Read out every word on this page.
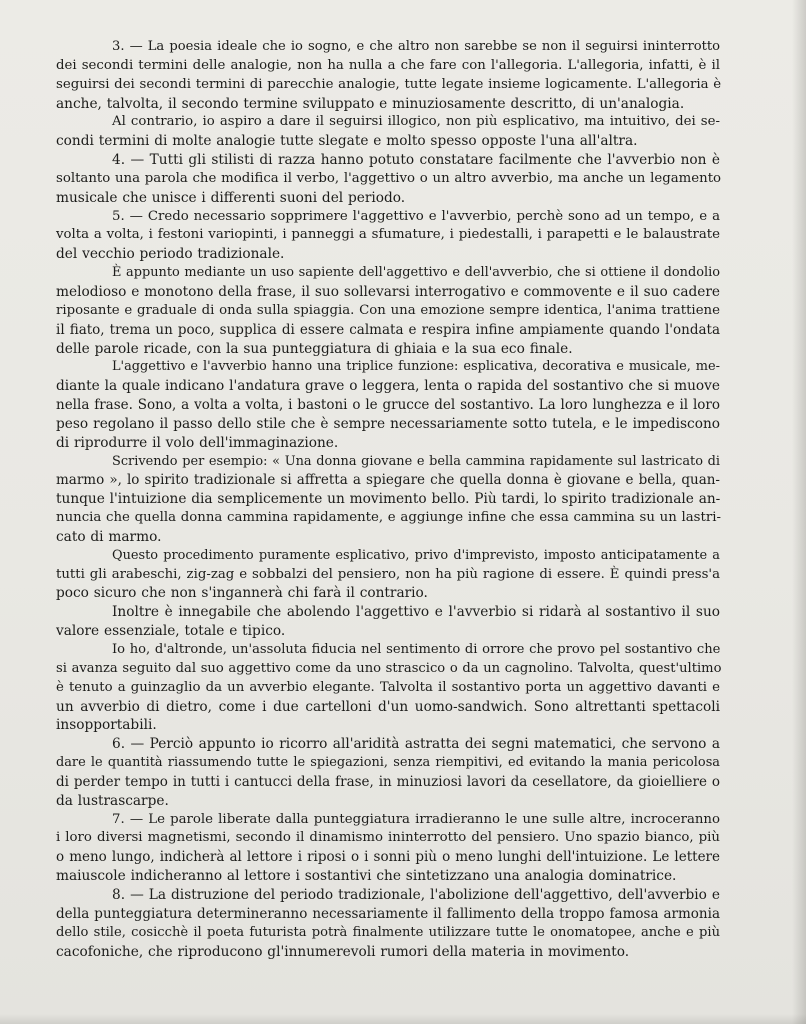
3. — La poesia ideale che io sogno, e che altro non sarebbe se non il seguirsi ininterrotto
dei secondi termini delle analogie, non ha nulla a che fare con l'allegoria. L'allegoria, infatti, è il
seguirsi dei secondi termini di parecchie analogie, tutte legate insieme logicamente. L'allegoria è
anche, talvolta, il secondo termine sviluppato e minuziosamente descritto, di un'analogia.
Al contrario, io aspiro a dare il seguirsi illogico, non più esplicativo, ma intuitivo, dei se-
condi termini di molte analogie tutte slegate e molto spesso opposte l'una all'altra.
4. — Tutti gli stilisti di razza hanno potuto constatare facilmente che l'avverbio non è
soltanto una parola che modifica il verbo, l'aggettivo o un altro avverbio, ma anche un legamento
musicale che unisce i differenti suoni del periodo.
5. — Credo necessario sopprimere l'aggettivo e l'avverbio, perchè sono ad un tempo, e a
volta a volta, i festoni variopinti, i panneggi a sfumature, i piedestalli, i parapetti e le balaustrate
del vecchio periodo tradizionale.
È appunto mediante un uso sapiente dell'aggettivo e dell'avverbio, che si ottiene il dondolio
melodioso e monotono della frase, il suo sollevarsi interrogativo e commovente e il suo cadere
riposante e graduale di onda sulla spiaggia. Con una emozione sempre identica, l'anima trattiene
il fiato, trema un poco, supplica di essere calmata e respira infine ampiamente quando l'ondata
delle parole ricade, con la sua punteggiatura di ghiaia e la sua eco finale.
L'aggettivo e l'avverbio hanno una triplice funzione: esplicativa, decorativa e musicale, me-
diante la quale indicano l'andatura grave o leggera, lenta o rapida del sostantivo che si muove
nella frase. Sono, a volta a volta, i bastoni o le grucce del sostantivo. La loro lunghezza e il loro
peso regolano il passo dello stile che è sempre necessariamente sotto tutela, e le impediscono
di riprodurre il volo dell'immaginazione.
Scrivendo per esempio: « Una donna giovane e bella cammina rapidamente sul lastricato di
marmo », lo spirito tradizionale si affretta a spiegare che quella donna è giovane e bella, quan-
tunque l'intuizione dia semplicemente un movimento bello. Più tardi, lo spirito tradizionale an-
nuncia che quella donna cammina rapidamente, e aggiunge infine che essa cammina su un lastri-
cato di marmo.
Questo procedimento puramente esplicativo, privo d'imprevisto, imposto anticipatamente a
tutti gli arabeschi, zig-zag e sobbalzi del pensiero, non ha più ragione di essere. È quindi press'a
poco sicuro che non s'ingannerà chi farà il contrario.
Inoltre è innegabile che abolendo l'aggettivo e l'avverbio si ridarà al sostantivo il suo
valore essenziale, totale e tipico.
Io ho, d'altronde, un'assoluta fiducia nel sentimento di orrore che provo pel sostantivo che
si avanza seguito dal suo aggettivo come da uno strascico o da un cagnolino. Talvolta, quest'ultimo
è tenuto a guinzaglio da un avverbio elegante. Talvolta il sostantivo porta un aggettivo davanti e
un avverbio di dietro, come i due cartelloni d'un uomo-sandwich. Sono altrettanti spettacoli
insopportabili.
6. — Perciò appunto io ricorro all'aridità astratta dei segni matematici, che servono a
dare le quantità riassumendo tutte le spiegazioni, senza riempitivi, ed evitando la mania pericolosa
di perder tempo in tutti i cantucci della frase, in minuziosi lavori da cesellatore, da gioielliere o
da lustrascarpe.
7. — Le parole liberate dalla punteggiatura irradieranno le une sulle altre, incroceranno
i loro diversi magnetismi, secondo il dinamismo ininterrotto del pensiero. Uno spazio bianco, più
o meno lungo, indicherà al lettore i riposi o i sonni più o meno lunghi dell'intuizione. Le lettere
maiuscole indicheranno al lettore i sostantivi che sintetizzano una analogia dominatrice.
8. — La distruzione del periodo tradizionale, l'abolizione dell'aggettivo, dell'avverbio e
della punteggiatura determineranno necessariamente il fallimento della troppo famosa armonia
dello stile, cosicchè il poeta futurista potrà finalmente utilizzare tutte le onomatopee, anche e più
cacofoniche, che riproducono gl'innumerevoli rumori della materia in movimento.
